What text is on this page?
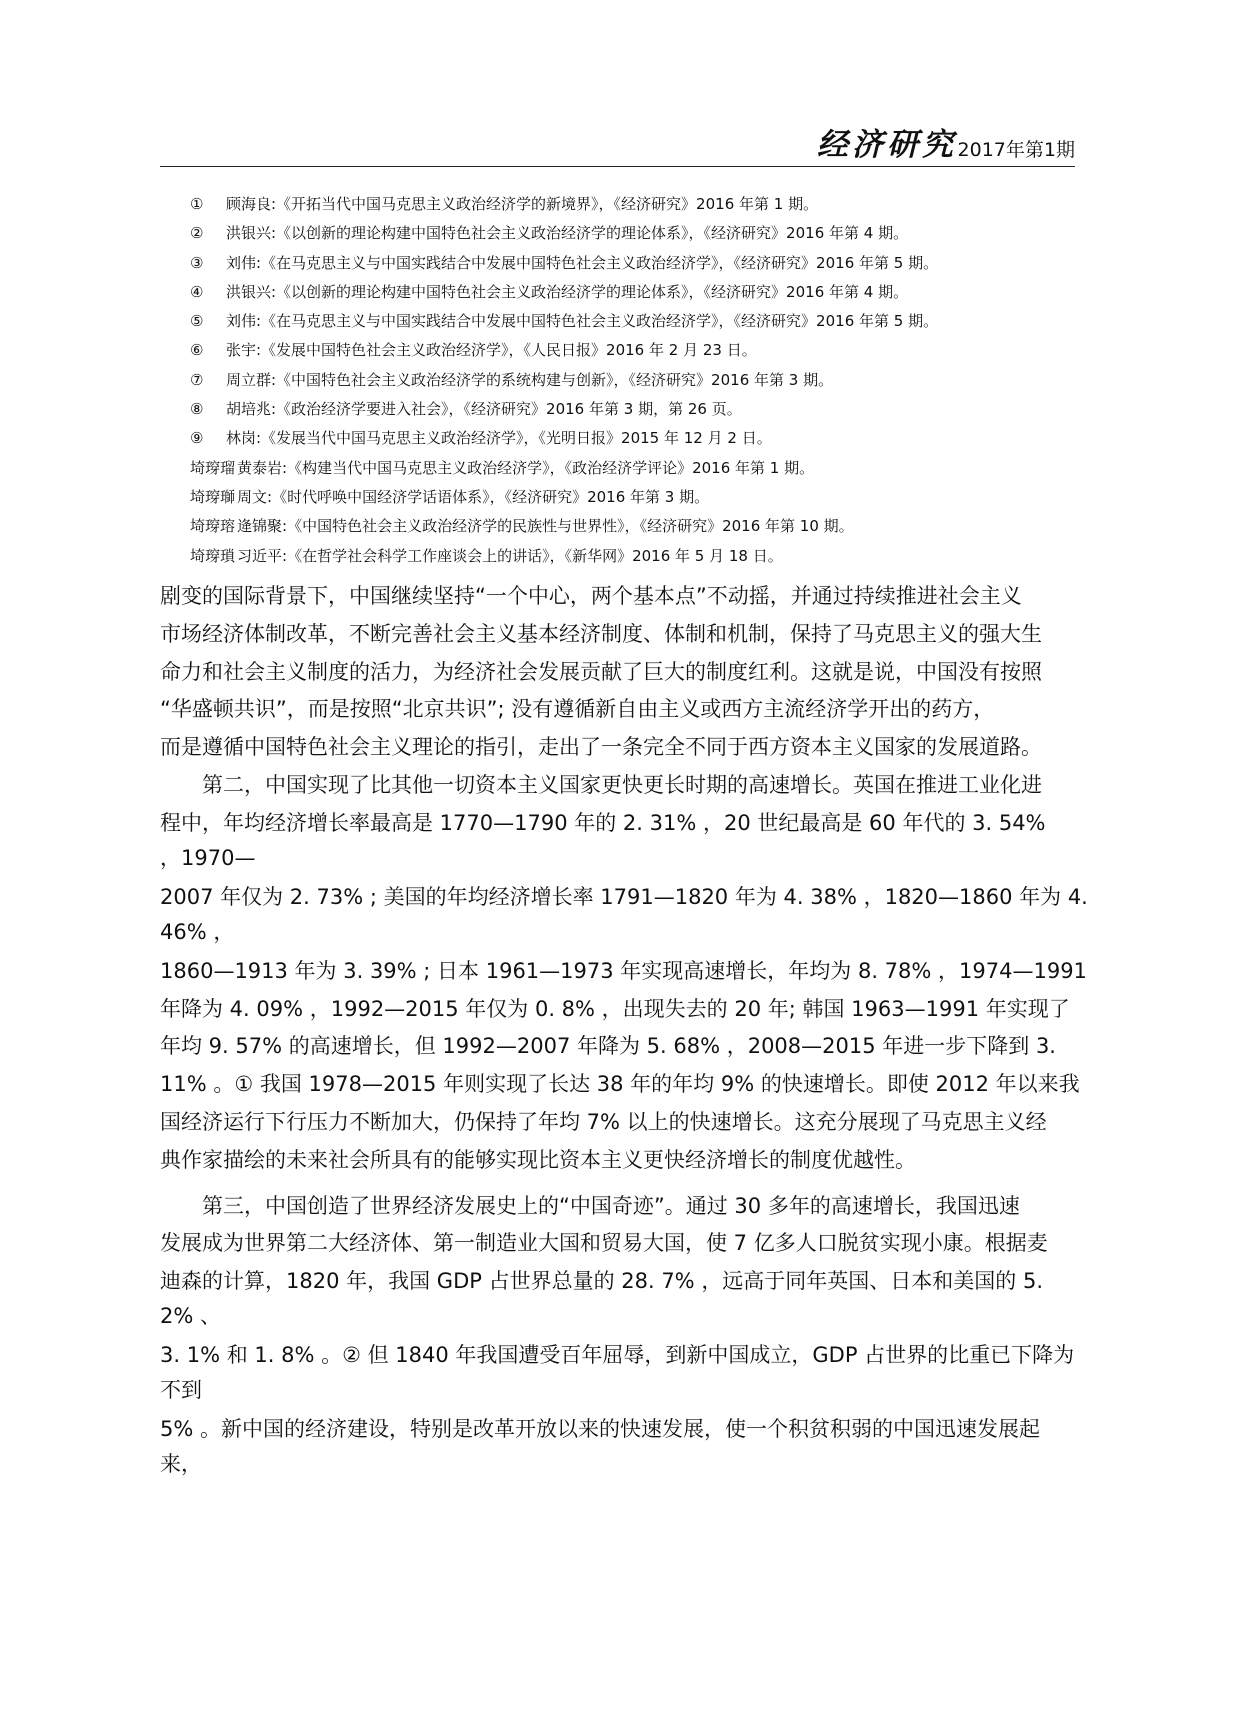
经济研究 2017年第1期
① 顾海良:《开拓当代中国马克思主义政治经济学的新境界》，《经济研究》2016 年第 1 期。
② 洪银兴:《以创新的理论构建中国特色社会主义政治经济学的理论体系》，《经济研究》2016 年第 4 期。
③ 刘伟:《在马克思主义与中国实践结合中发展中国特色社会主义政治经济学》，《经济研究》2016 年第 5 期。
④ 洪银兴:《以创新的理论构建中国特色社会主义政治经济学的理论体系》，《经济研究》2016 年第 4 期。
⑤ 刘伟:《在马克思主义与中国实践结合中发展中国特色社会主义政治经济学》，《经济研究》2016 年第 5 期。
⑥ 张宇:《发展中国特色社会主义政治经济学》，《人民日报》2016 年 2 月 23 日。
⑦ 周立群:《中国特色社会主义政治经济学的系统构建与创新》，《经济研究》2016 年第 3 期。
⑧ 胡培兆:《政治经济学要进入社会》，《经济研究》2016 年第 3 期，第 26 页。
⑨ 林岗:《发展当代中国马克思主义政治经济学》，《光明日报》2015 年 12 月 2 日。
埼瑏瑠 黄泰岩:《构建当代中国马克思主义政治经济学》，《政治经济学评论》2016 年第 1 期。
埼瑏瑡 周文:《时代呼唤中国经济学话语体系》，《经济研究》2016 年第 3 期。
埼瑏瑢 逄锦聚:《中国特色社会主义政治经济学的民族性与世界性》，《经济研究》2016 年第 10 期。
埼瑏瑣 习近平:《在哲学社会科学工作座谈会上的讲话》，《新华网》2016 年 5 月 18 日。
剧变的国际背景下，中国继续坚持“一个中心，两个基本点”不动摇，并通过持续推进社会主义
市场经济体制改革，不断完善社会主义基本经济制度、体制和机制，保持了马克思主义的强大生
命力和社会主义制度的活力，为经济社会发展贡献了巨大的制度红利。这就是说，中国没有按照
“华盛顿共识”，而是按照“北京共识”; 没有遵循新自由主义或西方主流经济学开出的药方，
而是遵循中国特色社会主义理论的指引，走出了一条完全不同于西方资本主义国家的发展道路。
第二，中国实现了比其他一切资本主义国家更快更长时期的高速增长。英国在推进工业化进
程中，年均经济增长率最高是 1770—1790 年的 2. 31% ，20 世纪最高是 60 年代的 3. 54%
，1970—
2007 年仅为 2. 73% ; 美国的年均经济增长率 1791—1820 年为 4. 38% ，1820—1860 年为 4.
46% ，
1860—1913 年为 3. 39% ; 日本 1961—1973 年实现高速增长，年均为 8. 78% ，1974—1991
年降为 4. 09% ，1992—2015 年仅为 0. 8% ，出现失去的 20 年; 韩国 1963—1991 年实现了
年均 9. 57% 的高速增长，但 1992—2007 年降为 5. 68% ，2008—2015 年进一步下降到 3.
11% 。① 我国 1978—2015 年则实现了长达 38 年的年均 9% 的快速增长。即使 2012 年以来我
国经济运行下行压力不断加大，仍保持了年均 7% 以上的快速增长。这充分展现了马克思主义经
典作家描绘的未来社会所具有的能够实现比资本主义更快经济增长的制度优越性。
第三，中国创造了世界经济发展史上的“中国奇迹”。通过 30 多年的高速增长，我国迅速
发展成为世界第二大经济体、第一制造业大国和贸易大国，使 7 亿多人口脱贫实现小康。根据麦
迪森的计算，1820 年，我国 GDP 占世界总量的 28. 7% ，远高于同年英国、日本和美国的 5.
2% 、
3. 1% 和 1. 8% 。② 但 1840 年我国遭受百年屈辱，到新中国成立，GDP 占世界的比重已下降为
不到
5% 。新中国的经济建设，特别是改革开放以来的快速发展，使一个积贫积弱的中国迅速发展起
来，
